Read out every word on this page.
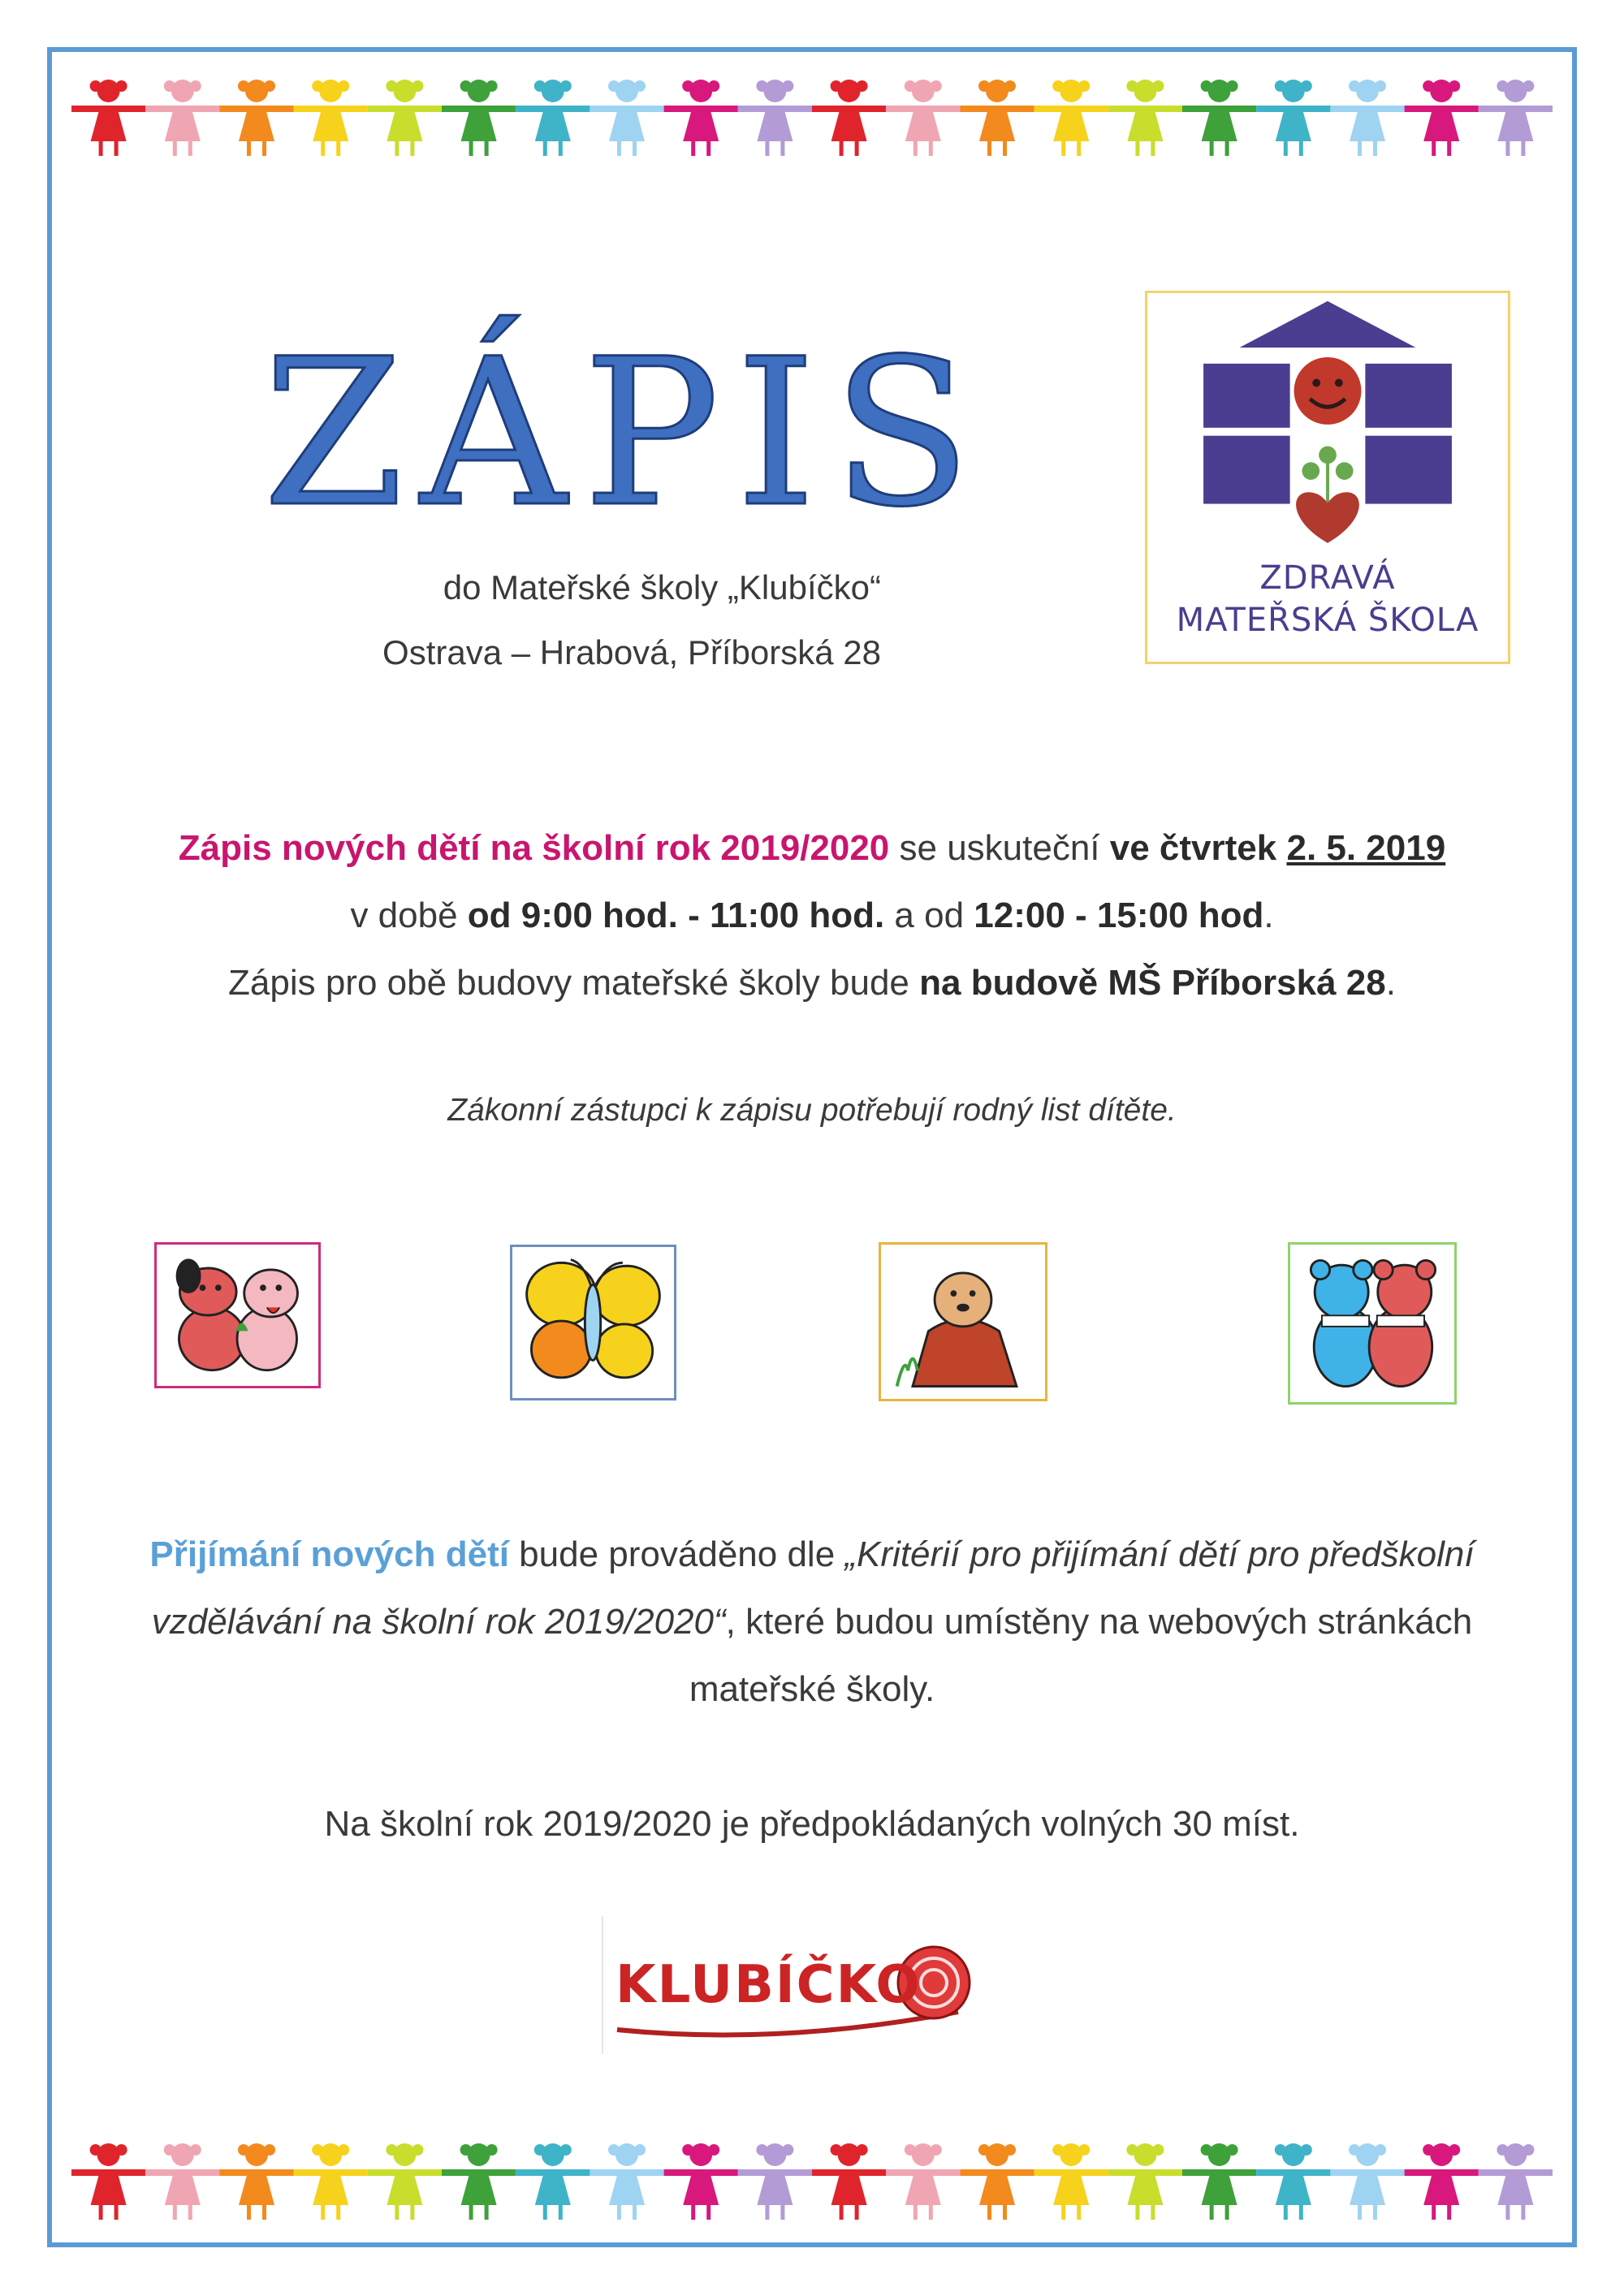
ZÁPIS
do Mateřské školy „Klubíčko“
Ostrava – Hrabová, Příborská 28
ZDRAVÁ
MATEŘSKÁ ŠKOLA
Zápis nových dětí na školní rok 2019/2020 se uskuteční ve čtvrtek 2. 5. 2019
v době od 9:00 hod. - 11:00 hod. a od 12:00 - 15:00 hod.
Zápis pro obě budovy mateřské školy bude na budově MŠ Příborská 28.
Zákonní zástupci k zápisu potřebují rodný list dítěte.
Přijímání nových dětí bude prováděno dle „Kritérií pro přijímání dětí pro předškolní
vzdělávání na školní rok 2019/2020“, které budou umístěny na webových stránkách
mateřské školy.
Na školní rok 2019/2020 je předpokládaných volných 30 míst.
KLUBÍČKO
